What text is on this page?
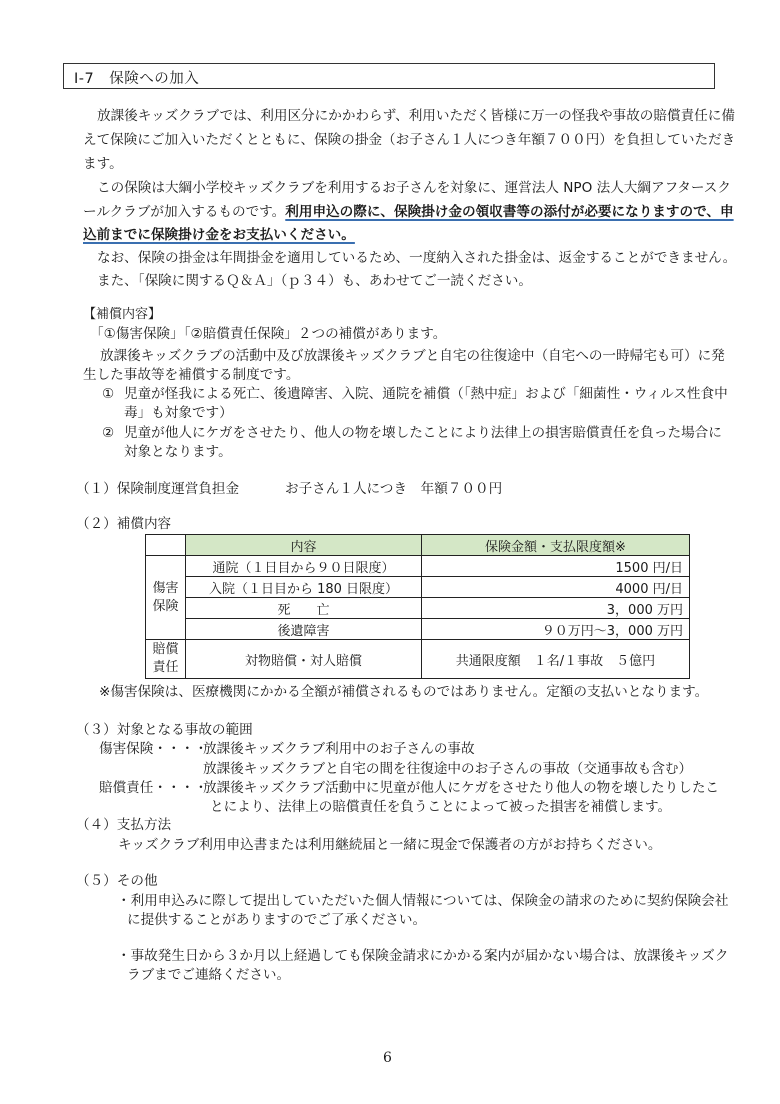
Ⅰ-7　保険への加入
放課後キッズクラブでは、利用区分にかかわらず、利用いただく皆様に万一の怪我や事故の賠償責任に備
えて保険にご加入いただくとともに、保険の掛金（お子さん１人につき年額７００円）を負担していただき
ます。
この保険は大綱小学校キッズクラブを利用するお子さんを対象に、運営法人 NPO 法人大綱アフタースク
ールクラブが加入するものです。利用申込の際に、保険掛け金の領収書等の添付が必要になりますので、申
込前までに保険掛け金をお支払いください。
なお、保険の掛金は年間掛金を適用しているため、一度納入された掛金は、返金することができません。
また、「保険に関するＱ＆Ａ」（ｐ３４）も、あわせてご一読ください。
【補償内容】
「①傷害保険」「②賠償責任保険」２つの補償があります。
放課後キッズクラブの活動中及び放課後キッズクラブと自宅の往復途中（自宅への一時帰宅も可）に発
生した事故等を補償する制度です。
① 児童が怪我による死亡、後遺障害、入院、通院を補償（「熱中症」および「細菌性・ウィルス性食中
毒」も対象です）
② 児童が他人にケガをさせたり、他人の物を壊したことにより法律上の損害賠償責任を負った場合に
対象となります。
（１）保険制度運営負担金	お子さん１人につき　年額７００円
（２）補償内容
	内容	保険金額・支払限度額※
傷害
保険	通院（１日目から９０日限度）	1500 円/日
	入院（１日目から 180 日限度）	4000 円/日
	死　　亡	3，000 万円
	後遺障害	９０万円～3，000 万円
賠償
責任	対物賠償・対人賠償	共通限度額　１名/１事故　５億円
※傷害保険は、医療機関にかかる全額が補償されるものではありません。定額の支払いとなります。
（３）対象となる事故の範囲
傷害保険・・・・
放課後キッズクラブ利用中のお子さんの事故
放課後キッズクラブと自宅の間を往復途中のお子さんの事故（交通事故も含む）
賠償責任・・・・
放課後キッズクラブ活動中に児童が他人にケガをさせたり他人の物を壊したりしたこ
とにより、法律上の賠償責任を負うことによって被った損害を補償します。
（４）支払方法
キッズクラブ利用申込書または利用継続届と一緒に現金で保護者の方がお持ちください。
（５）その他
・利用申込みに際して提出していただいた個人情報については、保険金の請求のために契約保険会社
に提供することがありますのでご了承ください。
・事故発生日から３か月以上経過しても保険金請求にかかる案内が届かない場合は、放課後キッズク
ラブまでご連絡ください。
6
